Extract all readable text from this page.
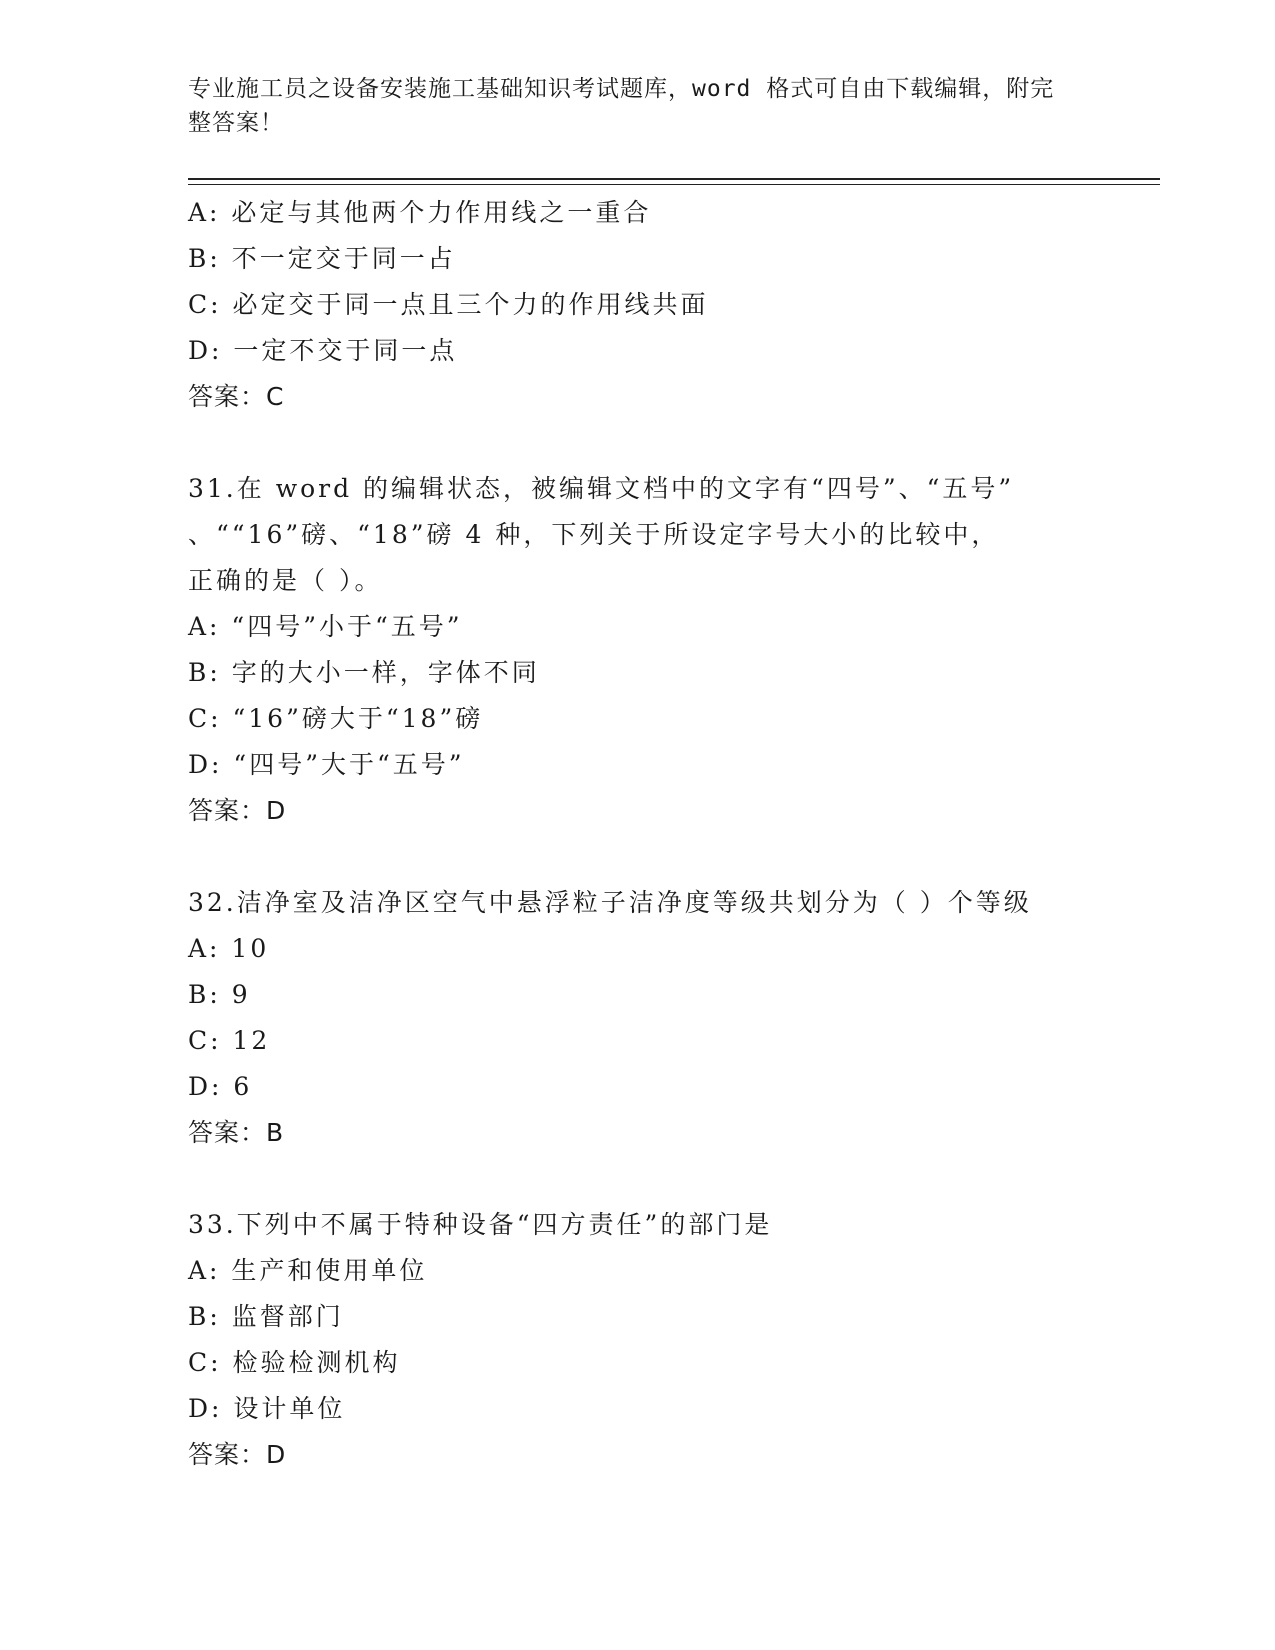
专业施工员之设备安装施工基础知识考试题库，word 格式可自由下载编辑，附完整答案！
A: 必定与其他两个力作用线之一重合
B: 不一定交于同一占
C: 必定交于同一点且三个力的作用线共面
D: 一定不交于同一点
答案：C
31.在 word 的编辑状态，被编辑文档中的文字有“四号”、“五号”
、““16”磅、“18”磅 4 种，下列关于所设定字号大小的比较中，
正确的是（ ）。
A: “四号”小于“五号”
B: 字的大小一样，字体不同
C: “16”磅大于“18”磅
D: “四号”大于“五号”
答案：D
32.洁净室及洁净区空气中悬浮粒子洁净度等级共划分为（ ）个等级
A: 10
B: 9
C: 12
D: 6
答案：B
33.下列中不属于特种设备“四方责任”的部门是
A: 生产和使用单位
B: 监督部门
C: 检验检测机构
D: 设计单位
答案：D
